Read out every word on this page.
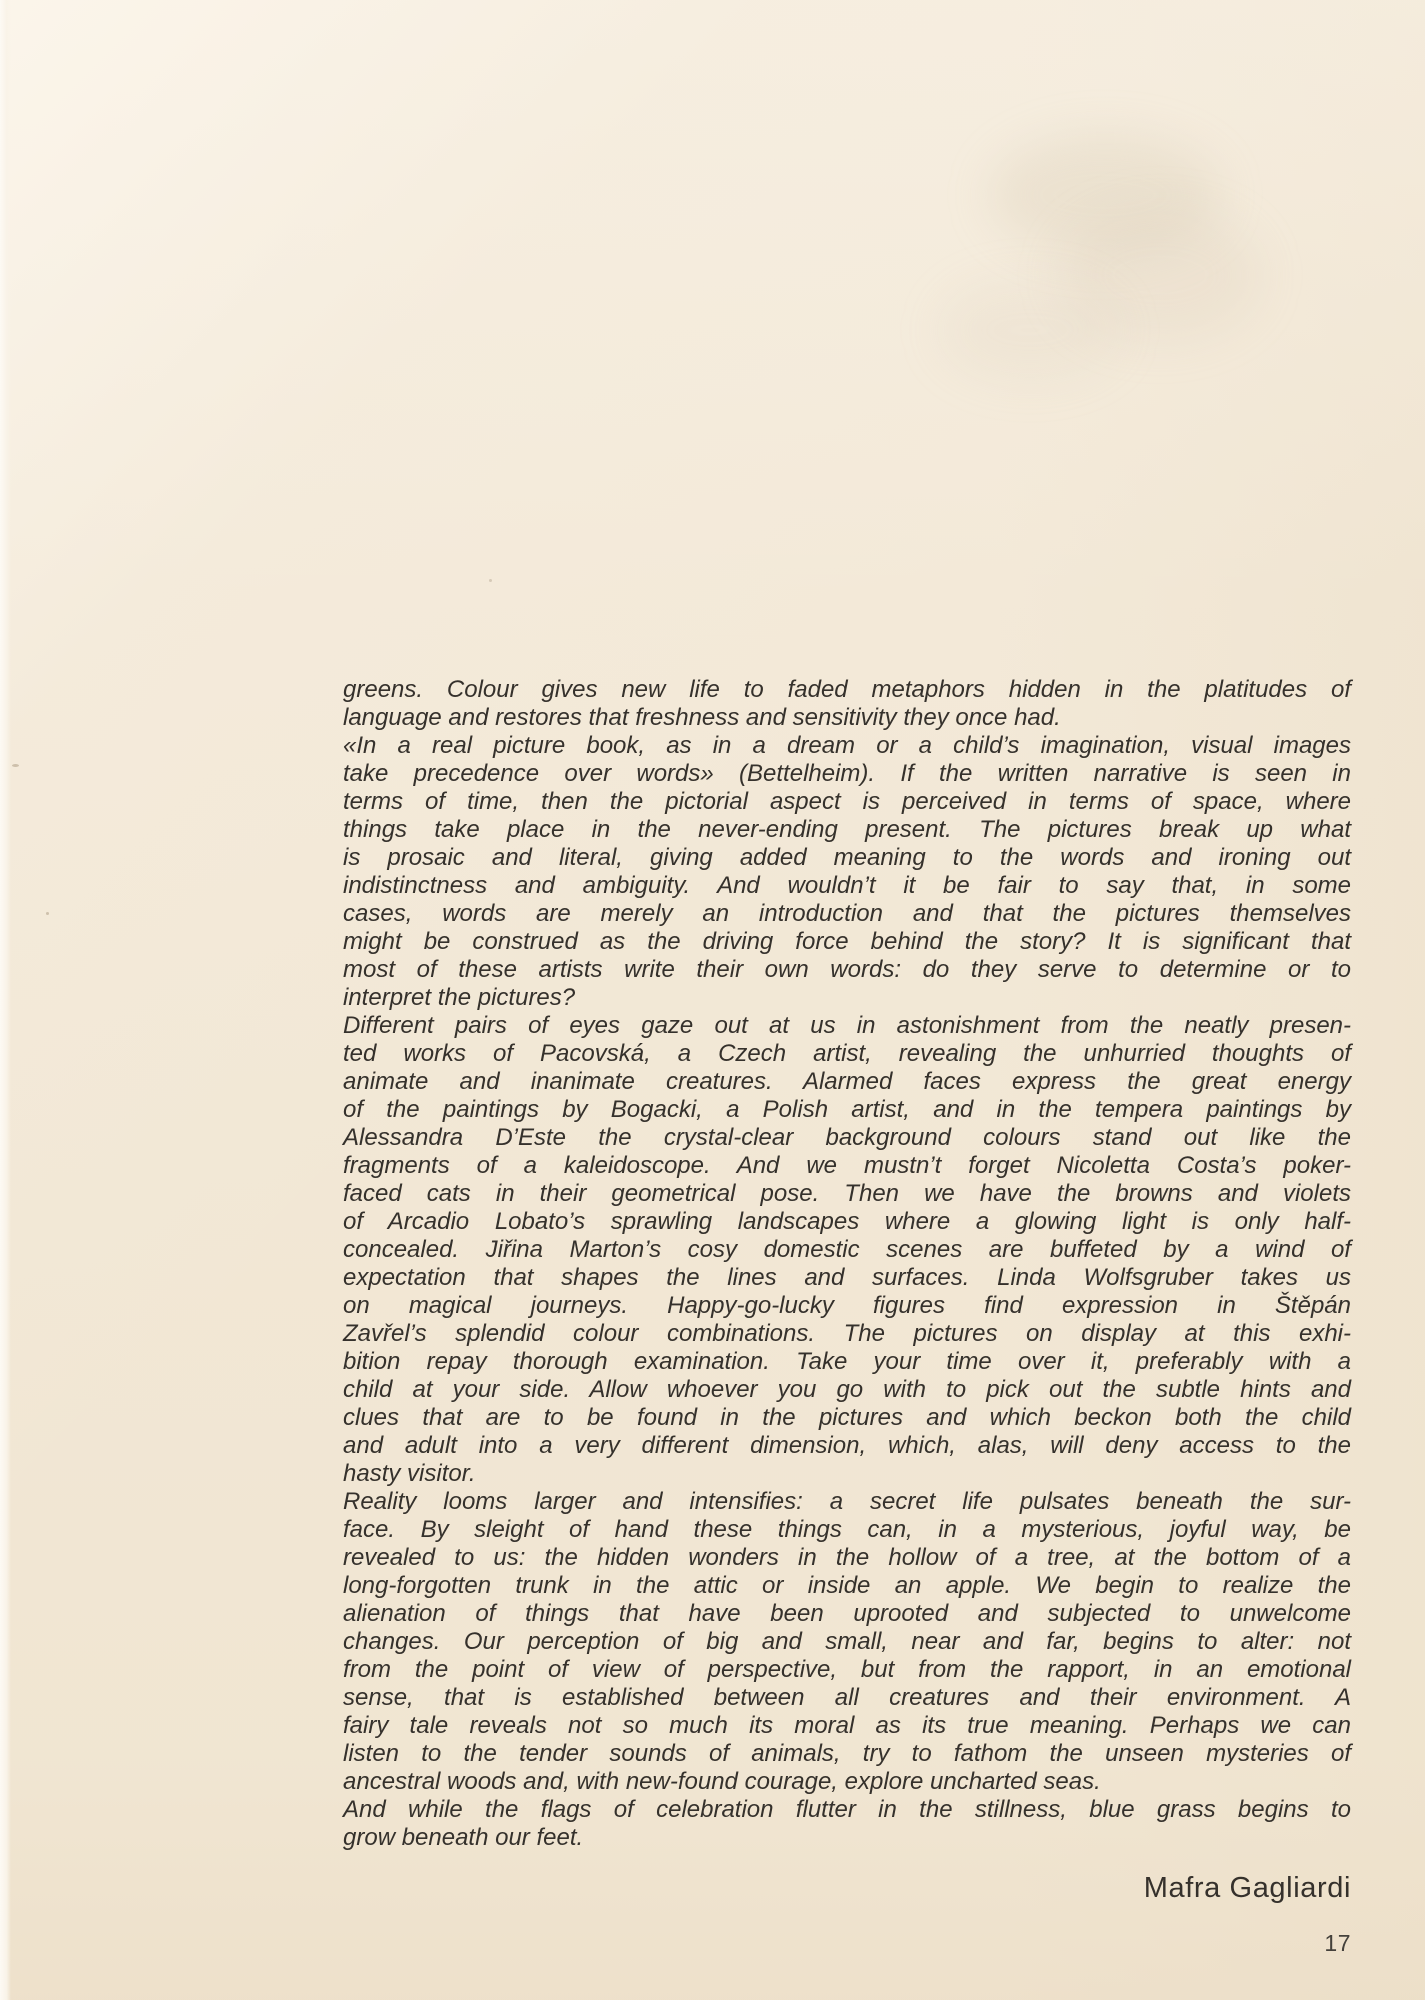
greens. Colour gives new life to faded metaphors hidden in the platitudes of
language and restores that freshness and sensitivity they once had.
«In a real picture book, as in a dream or a child’s imagination, visual images
take precedence over words» (Bettelheim). If the written narrative is seen in
terms of time, then the pictorial aspect is perceived in terms of space, where
things take place in the never-ending present. The pictures break up what
is prosaic and literal, giving added meaning to the words and ironing out
indistinctness and ambiguity. And wouldn’t it be fair to say that, in some
cases, words are merely an introduction and that the pictures themselves
might be construed as the driving force behind the story? It is significant that
most of these artists write their own words: do they serve to determine or to
interpret the pictures?
Different pairs of eyes gaze out at us in astonishment from the neatly presen-
ted works of Pacovská, a Czech artist, revealing the unhurried thoughts of
animate and inanimate creatures. Alarmed faces express the great energy
of the paintings by Bogacki, a Polish artist, and in the tempera paintings by
Alessandra D’Este the crystal-clear background colours stand out like the
fragments of a kaleidoscope. And we mustn’t forget Nicoletta Costa’s poker-
faced cats in their geometrical pose. Then we have the browns and violets
of Arcadio Lobato’s sprawling landscapes where a glowing light is only half-
concealed. Jiřina Marton’s cosy domestic scenes are buffeted by a wind of
expectation that shapes the lines and surfaces. Linda Wolfsgruber takes us
on magical journeys. Happy-go-lucky figures find expression in Štěpán
Zavřel’s splendid colour combinations. The pictures on display at this exhi-
bition repay thorough examination. Take your time over it, preferably with a
child at your side. Allow whoever you go with to pick out the subtle hints and
clues that are to be found in the pictures and which beckon both the child
and adult into a very different dimension, which, alas, will deny access to the
hasty visitor.
Reality looms larger and intensifies: a secret life pulsates beneath the sur-
face. By sleight of hand these things can, in a mysterious, joyful way, be
revealed to us: the hidden wonders in the hollow of a tree, at the bottom of a
long-forgotten trunk in the attic or inside an apple. We begin to realize the
alienation of things that have been uprooted and subjected to unwelcome
changes. Our perception of big and small, near and far, begins to alter: not
from the point of view of perspective, but from the rapport, in an emotional
sense, that is established between all creatures and their environment. A
fairy tale reveals not so much its moral as its true meaning. Perhaps we can
listen to the tender sounds of animals, try to fathom the unseen mysteries of
ancestral woods and, with new-found courage, explore uncharted seas.
And while the flags of celebration flutter in the stillness, blue grass begins to
grow beneath our feet.
Mafra Gagliardi
17
